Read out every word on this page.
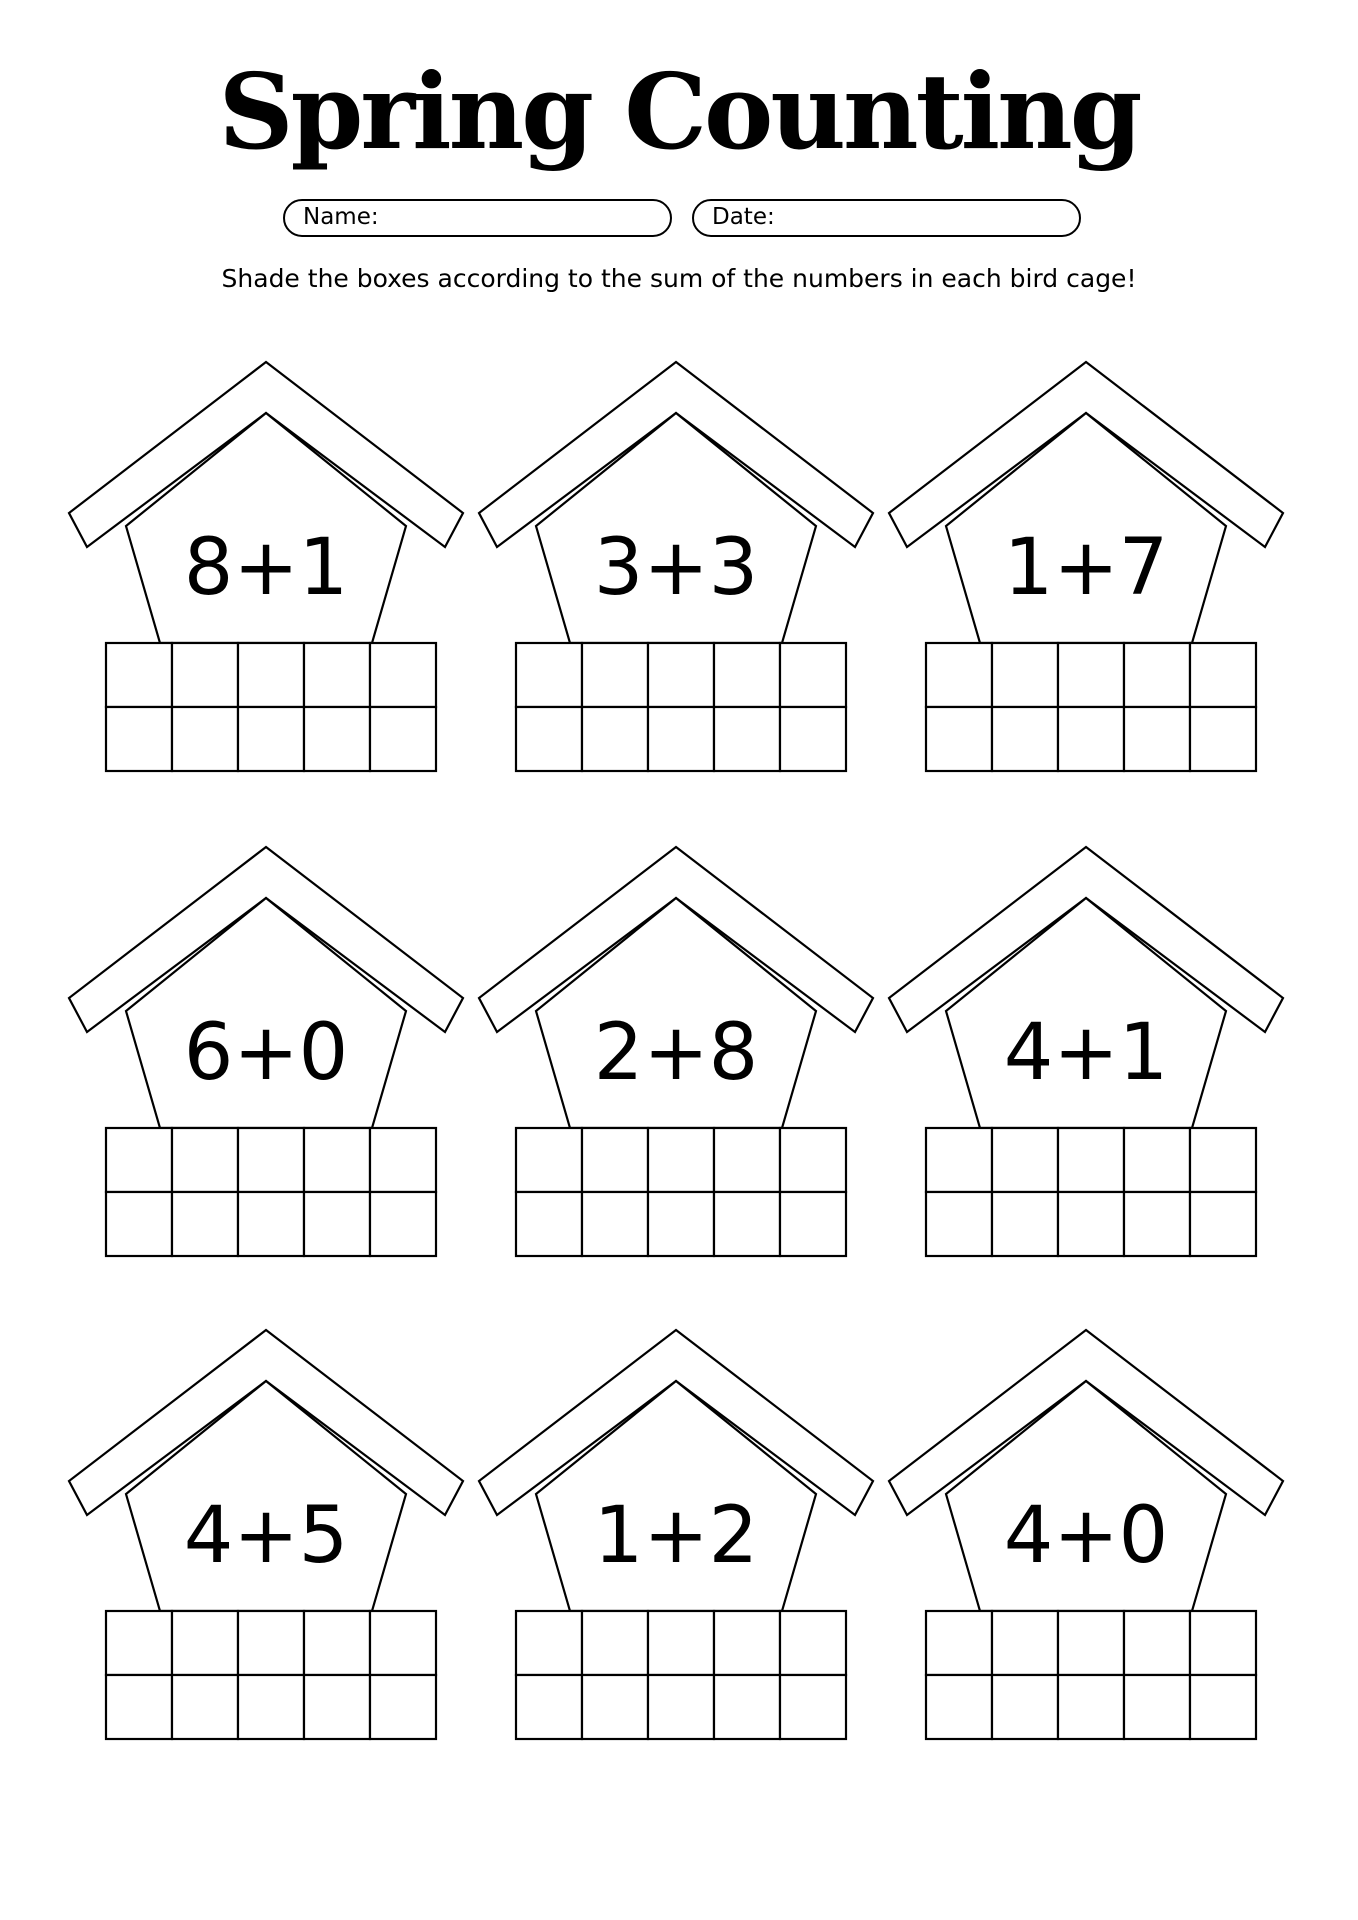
Spring Counting
Name:	Date:
Shade the boxes according to the sum of the numbers in each bird cage!
8+1	3+3	1+7
6+0	2+8	4+1
4+5	1+2	4+0
